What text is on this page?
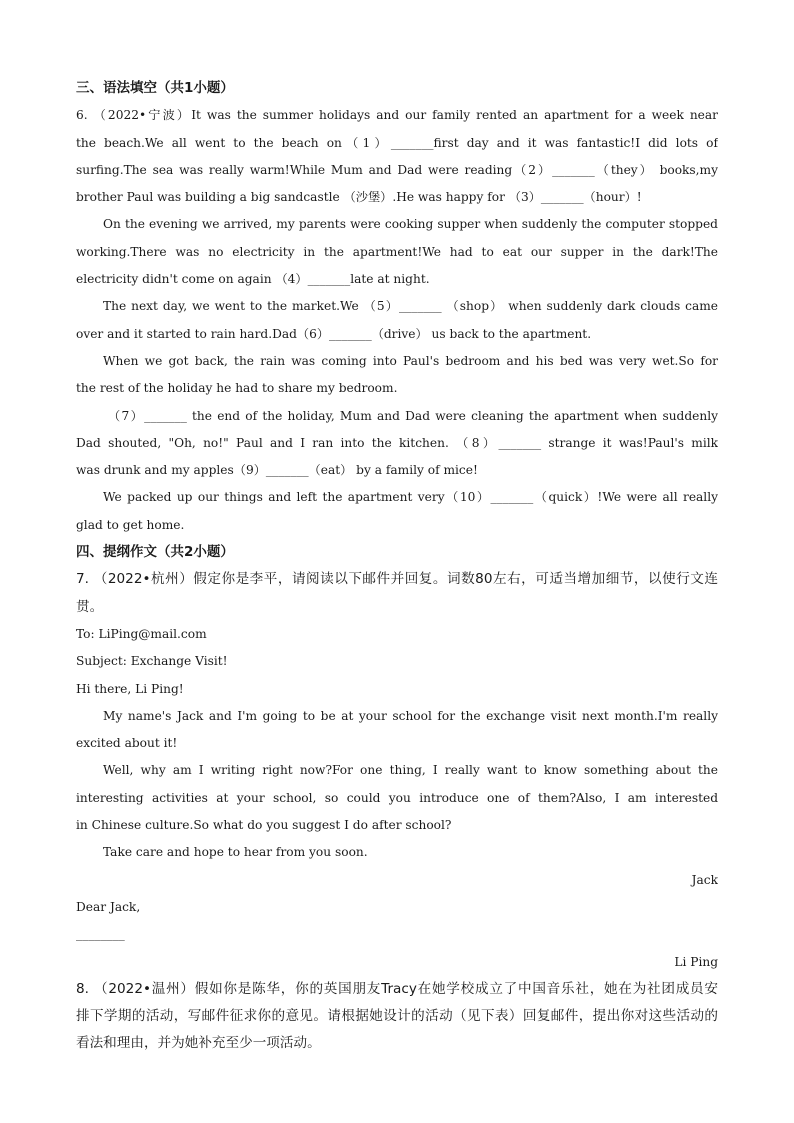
三、语法填空（共1小题）
6. （2022•宁波）It was the summer holidays and our family rented an apartment for a week near
the beach.We all went to the beach on（1）_______first day and it was fantastic!I did lots of
surfing.The sea was really warm!While Mum and Dad were reading（2）_______（they） books,my
brother Paul was building a big sandcastle （沙堡）.He was happy for （3）_______（hour）!
On the evening we arrived, my parents were cooking supper when suddenly the computer stopped
working.There was no electricity in the apartment!We had to eat our supper in the dark!The
electricity didn't come on again （4）_______late at night.
The next day, we went to the market.We （5）_______ （shop） when suddenly dark clouds came
over and it started to rain hard.Dad（6）_______（drive） us back to the apartment.
When we got back, the rain was coming into Paul's bedroom and his bed was very wet.So for
the rest of the holiday he had to share my bedroom.
（7）_______ the end of the holiday, Mum and Dad were cleaning the apartment when suddenly
Dad shouted, "Oh, no!" Paul and I ran into the kitchen. （8）_______ strange it was!Paul's milk
was drunk and my apples（9）_______（eat） by a family of mice!
We packed up our things and left the apartment very（10）_______（quick）!We were all really
glad to get home.
四、提纲作文（共2小题）
7. （2022•杭州）假定你是李平，请阅读以下邮件并回复。词数80左右，可适当增加细节，以使行文连
贯。
To: LiPing@mail.com
Subject: Exchange Visit!
Hi there, Li Ping!
My name's Jack and I'm going to be at your school for the exchange visit next month.I'm really
excited about it!
Well, why am I writing right now?For one thing, I really want to know something about the
interesting activities at your school, so could you introduce one of them?Also, I am interested
in Chinese culture.So what do you suggest I do after school?
Take care and hope to hear from you soon.
Jack
Dear Jack,
________
Li Ping
8. （2022•温州）假如你是陈华，你的英国朋友Tracy在她学校成立了中国音乐社，她在为社团成员安
排下学期的活动，写邮件征求你的意见。请根据她设计的活动（见下表）回复邮件，提出你对这些活动的
看法和理由，并为她补充至少一项活动。
